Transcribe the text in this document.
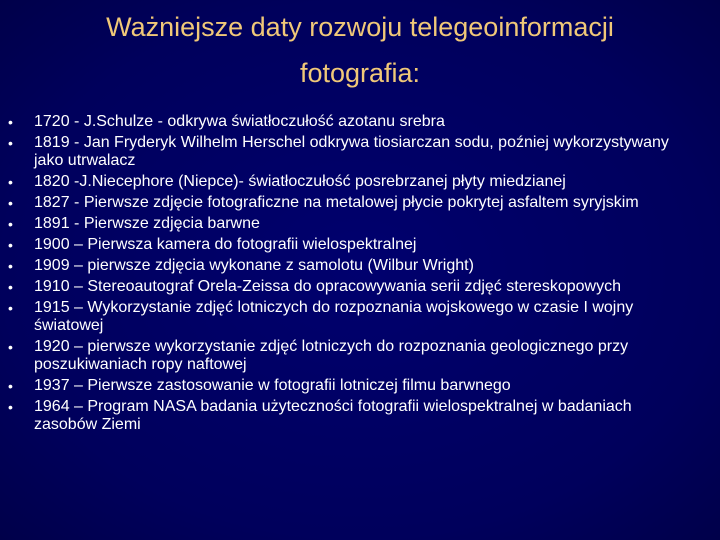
Ważniejsze daty rozwoju telegeoinformacji
fotografia:
• 1720 - J.Schulze - odkrywa światłoczułość azotanu srebra
• 1819 - Jan Fryderyk Wilhelm Herschel odkrywa tiosiarczan sodu, poźniej wykorzystywany jako utrwalacz
• 1820 -J.Niecephore (Niepce)- światłoczułość posrebrzanej płyty miedzianej
• 1827 - Pierwsze zdjęcie fotograficzne na metalowej płycie pokrytej asfaltem syryjskim
• 1891 - Pierwsze zdjęcia barwne
• 1900 – Pierwsza kamera do fotografii wielospektralnej
• 1909 – pierwsze zdjęcia wykonane z samolotu (Wilbur Wright)
• 1910 – Stereoautograf Orela-Zeissa do opracowywania serii zdjęć stereskopowych
• 1915 – Wykorzystanie zdjęć lotniczych do rozpoznania wojskowego w czasie I wojny światowej
• 1920 – pierwsze wykorzystanie zdjęć lotniczych do rozpoznania geologicznego przy poszukiwaniach ropy naftowej
• 1937 – Pierwsze zastosowanie w fotografii lotniczej filmu barwnego
• 1964 – Program NASA badania użyteczności fotografii wielospektralnej w badaniach zasobów Ziemi
